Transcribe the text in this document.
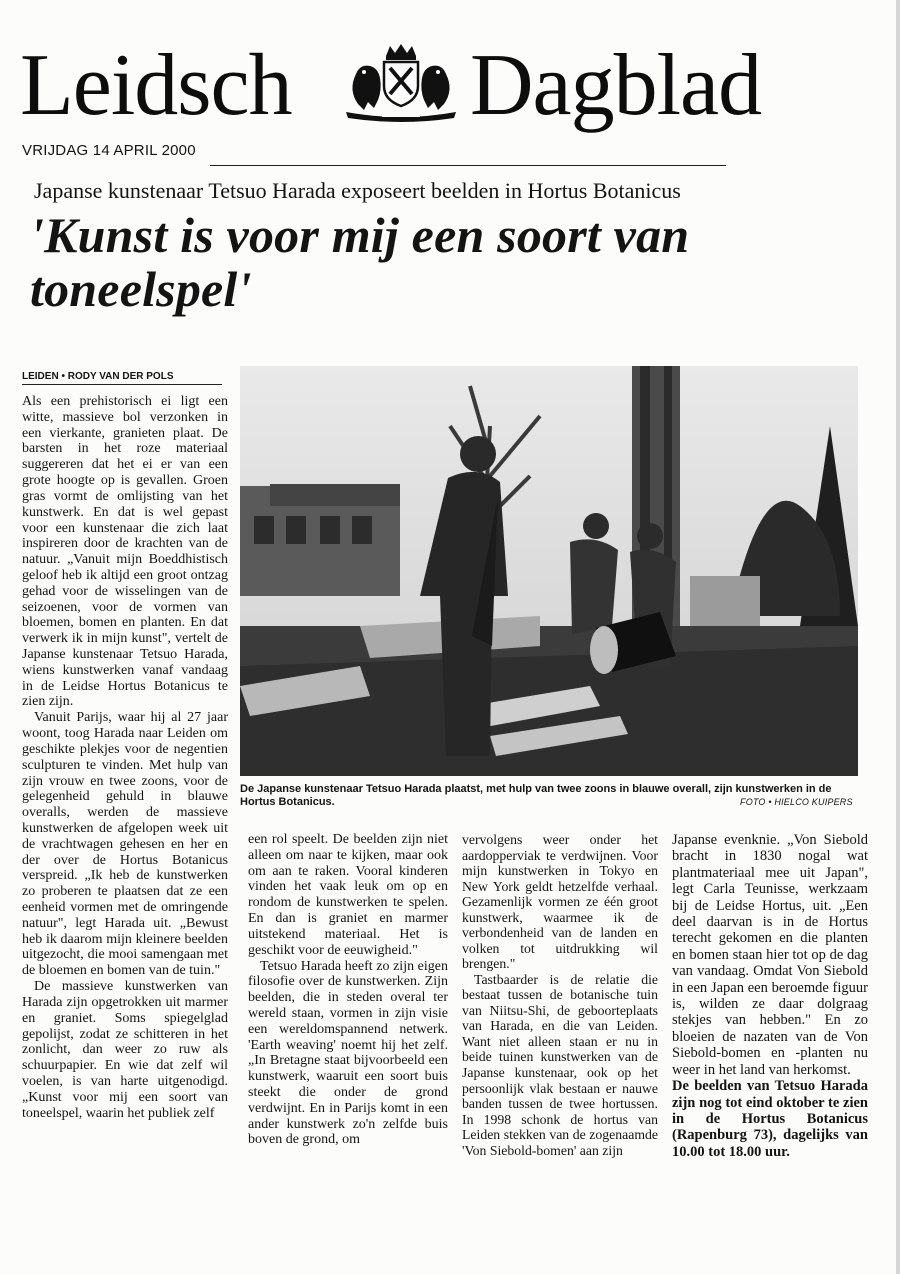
Leidsch Dagblad
VRIJDAG 14 APRIL 2000
Japanse kunstenaar Tetsuo Harada exposeert beelden in Hortus Botanicus
'Kunst is voor mij een soort van toneelspel'
LEIDEN • RODY VAN DER POLS

Als een prehistorisch ei ligt een witte, massieve bol verzonken in een vierkante, granieten plaat. De barsten in het roze materiaal suggereren dat het ei er van een grote hoogte op is gevallen. Groen gras vormt de omlijsting van het kunstwerk. En dat is wel gepast voor een kunstenaar die zich laat inspireren door de krachten van de natuur. „Vanuit mijn Boeddhistisch geloof heb ik altijd een groot ontzag gehad voor de wisselingen van de seizoenen, voor de vormen van bloemen, bomen en planten. En dat verwerk ik in mijn kunst", vertelt de Japanse kunstenaar Tetsuo Harada, wiens kunstwerken vanaf vandaag in de Leidse Hortus Botanicus te zien zijn.

Vanuit Parijs, waar hij al 27 jaar woont, toog Harada naar Leiden om geschikte plekjes voor de negentien sculpturen te vinden. Met hulp van zijn vrouw en twee zoons, voor de gelegenheid gehuld in blauwe overalls, werden de massieve kunstwerken de afgelopen week uit de vrachtwagen gehesen en her en der over de Hortus Botanicus verspreid. „Ik heb de kunstwerken zo proberen te plaatsen dat ze een eenheid vormen met de omringende natuur", legt Harada uit. „Bewust heb ik daarom mijn kleinere beelden uitgezocht, die mooi samengaan met de bloemen en bomen van de tuin."

De massieve kunstwerken van Harada zijn opgetrokken uit marmer en graniet. Soms spiegelglad gepolijst, zodat ze schitteren in het zonlicht, dan weer zo ruw als schuurpapier. En wie dat zelf wil voelen, is van harte uitgenodigd. „Kunst voor mij een soort van toneelspel, waarin het publiek zelf

De Japanse kunstenaar Tetsuo Harada plaatst, met hulp van twee zoons in blauwe overall, zijn kunstwerken in de Hortus Botanicus.	FOTO • HIELCO KUIPERS

een rol speelt. De beelden zijn niet alleen om naar te kijken, maar ook om aan te raken. Vooral kinderen vinden het vaak leuk om op en rondom de kunstwerken te spelen. En dan is graniet en marmer uitstekend materiaal. Het is geschikt voor de eeuwigheid."

Tetsuo Harada heeft zo zijn eigen filosofie over de kunstwerken. Zijn beelden, die in steden overal ter wereld staan, vormen in zijn visie een wereldomspannend netwerk. 'Earth weaving' noemt hij het zelf. „In Bretagne staat bijvoorbeeld een kunstwerk, waaruit een soort buis steekt die onder de grond verdwijnt. En in Parijs komt in een ander kunstwerk zo'n zelfde buis boven de grond, om

vervolgens weer onder het aardopperviak te verdwijnen. Voor mijn kunstwerken in Tokyo en New York geldt hetzelfde verhaal. Gezamenlijk vormen ze één groot kunstwerk, waarmee ik de verbondenheid van de landen en volken tot uitdrukking wil brengen."

Tastbaarder is de relatie die bestaat tussen de botanische tuin van Niitsu-Shi, de geboorteplaats van Harada, en die van Leiden. Want niet alleen staan er nu in beide tuinen kunstwerken van de Japanse kunstenaar, ook op het persoonlijk vlak bestaan er nauwe banden tussen de twee hortussen. In 1998 schonk de hortus van Leiden stekken van de zogenaamde 'Von Siebold-bomen' aan zijn

Japanse evenknie. „Von Siebold bracht in 1830 nogal wat plantmateriaal mee uit Japan", legt Carla Teunisse, werkzaam bij de Leidse Hortus, uit. „Een deel daarvan is in de Hortus terecht gekomen en die planten en bomen staan hier tot op de dag van vandaag. Omdat Von Siebold in een Japan een beroemde figuur is, wilden ze daar dolgraag stekjes van hebben." En zo bloeien de nazaten van de Von Siebold-bomen en -planten nu weer in het land van herkomst.

De beelden van Tetsuo Harada zijn nog tot eind oktober te zien in de Hortus Botanicus (Rapenburg 73), dagelijks van 10.00 tot 18.00 uur.
